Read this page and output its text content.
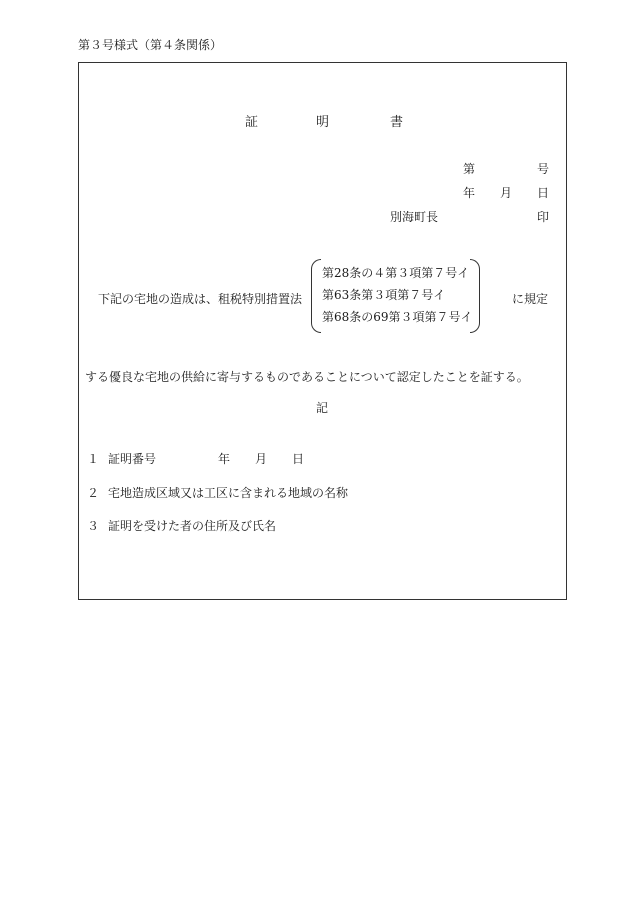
第３号様式（第４条関係）
証	明	書
第	号
年 月 日
別海町長	印
下記の宅地の造成は、租税特別措置法
第28条の４第３項第７号イ
第63条第３項第７号イ
第68条の69第３項第７号イ
に規定
する優良な宅地の供給に寄与するものであることについて認定したことを証する。
記
１ 証明番号	年 月 日
２ 宅地造成区域又は工区に含まれる地域の名称
３ 証明を受けた者の住所及び氏名
